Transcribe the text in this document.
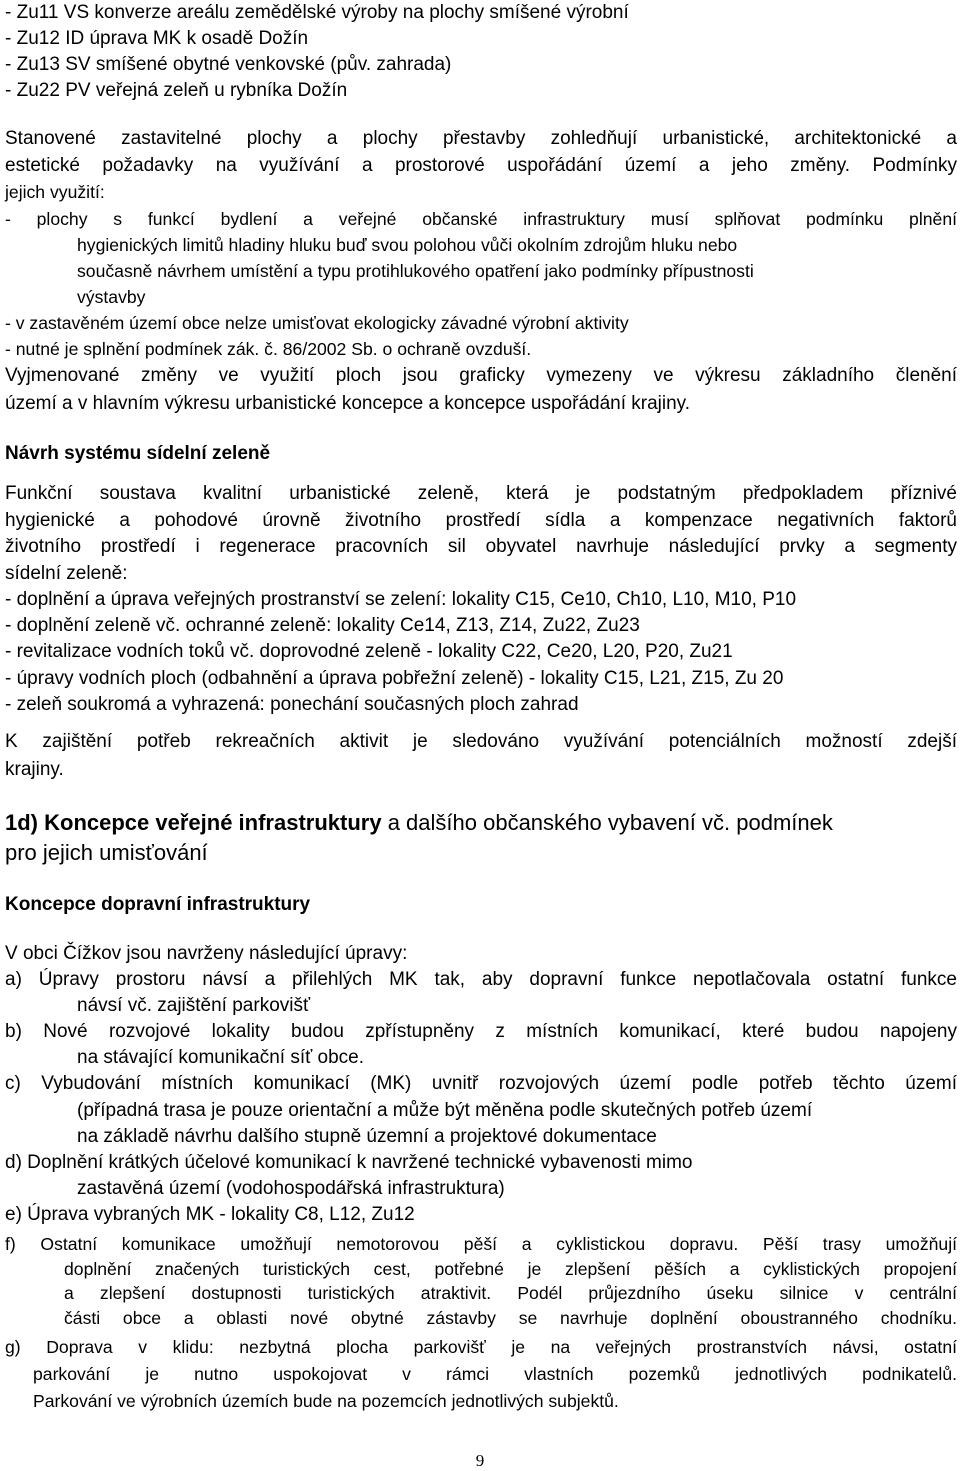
- Zu11 VS konverze areálu zemědělské výroby na plochy smíšené výrobní
- Zu12 ID úprava MK k osadě Dožín
- Zu13 SV smíšené obytné venkovské (pův. zahrada)
- Zu22 PV veřejná zeleň u rybníka Dožín
Stanovené zastavitelné plochy a plochy přestavby zohledňují urbanistické, architektonické a
estetické požadavky na využívání a prostorové uspořádání území a jeho změny. Podmínky
jejich využití:
- plochy s funkcí bydlení a veřejné občanské infrastruktury musí splňovat podmínku plnění
hygienických limitů hladiny hluku buď svou polohou vůči okolním zdrojům hluku nebo
současně návrhem umístění a typu protihlukového opatření jako podmínky přípustnosti
výstavby
- v zastavěném území obce nelze umisťovat ekologicky závadné výrobní aktivity
- nutné je splnění podmínek zák. č. 86/2002 Sb. o ochraně ovzduší.
Vyjmenované změny ve využití ploch jsou graficky vymezeny ve výkresu základního členění
území a v hlavním výkresu urbanistické koncepce a koncepce uspořádání krajiny.
Návrh systému sídelní zeleně
Funkční soustava kvalitní urbanistické zeleně, která je podstatným předpokladem příznivé
hygienické a pohodové úrovně životního prostředí sídla a kompenzace negativních faktorů
životního prostředí i regenerace pracovních sil obyvatel navrhuje následující prvky a segmenty
sídelní zeleně:
- doplnění a úprava veřejných prostranství se zelení: lokality C15, Ce10, Ch10, L10, M10, P10
- doplnění zeleně vč. ochranné zeleně: lokality Ce14, Z13, Z14, Zu22, Zu23
- revitalizace vodních toků vč. doprovodné zeleně - lokality C22, Ce20, L20, P20, Zu21
- úpravy vodních ploch (odbahnění a úprava pobřežní zeleně) - lokality C15, L21, Z15, Zu 20
- zeleň soukromá a vyhrazená: ponechání současných ploch zahrad
K zajištění potřeb rekreačních aktivit je sledováno využívání potenciálních možností zdejší
krajiny.
1d) Koncepce veřejné infrastruktury a dalšího občanského vybavení vč. podmínek
pro jejich umisťování
Koncepce dopravní infrastruktury
V obci Čížkov jsou navrženy následující úpravy:
a) Úpravy prostoru návsí a přilehlých MK tak, aby dopravní funkce nepotlačovala ostatní funkce
návsí vč. zajištění parkovišť
b) Nové rozvojové lokality budou zpřístupněny z místních komunikací, které budou napojeny
na stávající komunikační síť obce.
c) Vybudování místních komunikací (MK) uvnitř rozvojových území podle potřeb těchto území
(případná trasa je pouze orientační a může být měněna podle skutečných potřeb území
na základě návrhu dalšího stupně územní a projektové dokumentace
d) Doplnění krátkých účelové komunikací k navržené technické vybavenosti mimo
zastavěná území (vodohospodářská infrastruktura)
e) Úprava vybraných MK - lokality C8, L12, Zu12
f) Ostatní komunikace umožňují nemotorovou pěší a cyklistickou dopravu. Pěší trasy umožňují
doplnění značených turistických cest, potřebné je zlepšení pěších a cyklistických propojení
a zlepšení dostupnosti turistických atraktivit. Podél průjezdního úseku silnice v centrální
části obce a oblasti nové obytné zástavby se navrhuje doplnění oboustranného chodníku.
g) Doprava v klidu: nezbytná plocha parkovišť je na veřejných prostranstvích návsi, ostatní
parkování je nutno uspokojovat v rámci vlastních pozemků jednotlivých podnikatelů.
Parkování ve výrobních územích bude na pozemcích jednotlivých subjektů.
9
